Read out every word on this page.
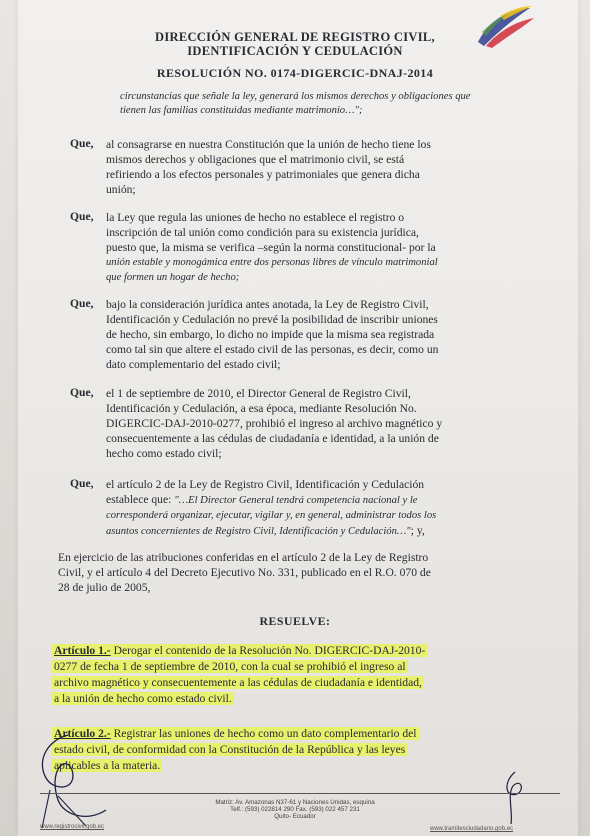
DIRECCIÓN GENERAL DE REGISTRO CIVIL,
IDENTIFICACIÓN Y CEDULACIÓN
RESOLUCIÓN NO. 0174-DIGERCIC-DNAJ-2014
circunstancias que señale la ley, generará los mismos derechos y obligaciones que
tienen las familias constituidas mediante matrimonio…";
Que, al consagrarse en nuestra Constitución que la unión de hecho tiene los
mismos derechos y obligaciones que el matrimonio civil, se está
refiriendo a los efectos personales y patrimoniales que genera dicha
unión;
Que, la Ley que regula las uniones de hecho no establece el registro o
inscripción de tal unión como condición para su existencia jurídica,
puesto que, la misma se verifica –según la norma constitucional- por la
unión estable y monogámica entre dos personas libres de vínculo matrimonial
que formen un hogar de hecho;
Que, bajo la consideración jurídica antes anotada, la Ley de Registro Civil,
Identificación y Cedulación no prevé la posibilidad de inscribir uniones
de hecho, sin embargo, lo dicho no impide que la misma sea registrada
como tal sin que altere el estado civil de las personas, es decir, como un
dato complementario del estado civil;
Que, el 1 de septiembre de 2010, el Director General de Registro Civil,
Identificación y Cedulación, a esa época, mediante Resolución No.
DIGERCIC-DAJ-2010-0277, prohibió el ingreso al archivo magnético y
consecuentemente a las cédulas de ciudadanía e identidad, a la unión de
hecho como estado civil;
Que, el artículo 2 de la Ley de Registro Civil, Identificación y Cedulación
establece que: "…El Director General tendrá competencia nacional y le
corresponderá organizar, ejecutar, vigilar y, en general, administrar todos los
asuntos concernientes de Registro Civil, Identificación y Cedulación…"; y,
En ejercicio de las atribuciones conferidas en el artículo 2 de la Ley de Registro
Civil, y el artículo 4 del Decreto Ejecutivo No. 331, publicado en el R.O. 070 de
28 de julio de 2005,
RESUELVE:
Artículo 1.- Derogar el contenido de la Resolución No. DIGERCIC-DAJ-2010-
0277 de fecha 1 de septiembre de 2010, con la cual se prohibió el ingreso al
archivo magnético y consecuentemente a las cédulas de ciudadanía e identidad,
a la unión de hecho como estado civil.
Artículo 2.- Registrar las uniones de hecho como un dato complementario del
estado civil, de conformidad con la Constitución de la República y las leyes
aplicables a la materia.
Matriz: Av. Amazonas N37-61 y Naciones Unidas, esquina
Telf.: (593) 022814 290 Fax. (593) 022 457 231
Quito- Ecuador
www.registrocivil.gob.ec	www.tramitesciudadano.gob.ec
